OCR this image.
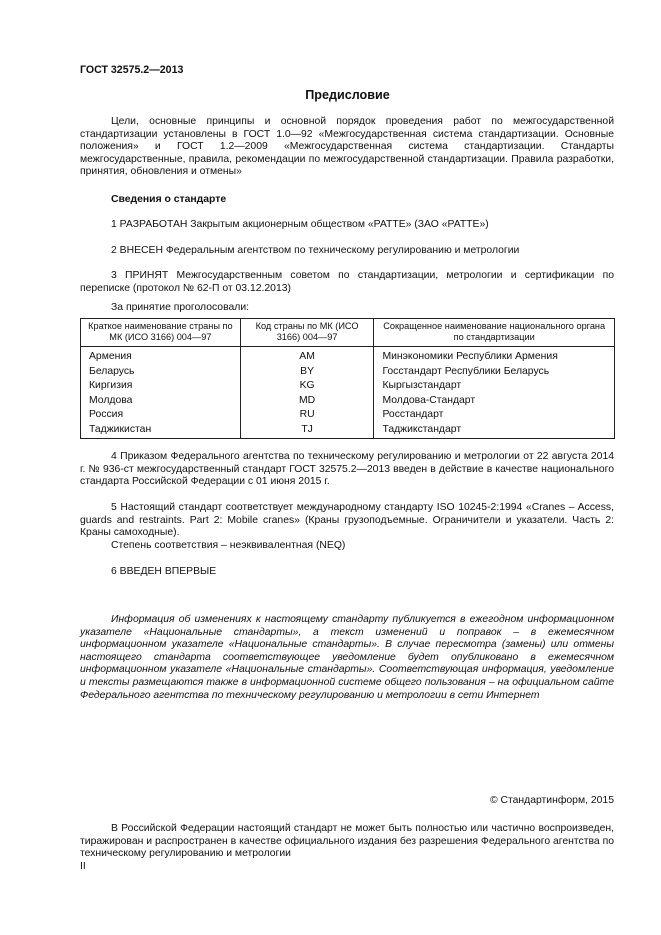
ГОСТ 32575.2—2013
Предисловие
Цели, основные принципы и основной порядок проведения работ по межгосударственной стандартизации установлены в ГОСТ 1.0—92 «Межгосударственная система стандартизации. Основные положения» и ГОСТ 1.2—2009 «Межгосударственная система стандартизации. Стандарты межгосударственные, правила, рекомендации по межгосударственной стандартизации. Правила разработки, принятия, обновления и отмены»
Сведения о стандарте
1 РАЗРАБОТАН Закрытым акционерным обществом «РАТТЕ» (ЗАО «РАТТЕ»)
2 ВНЕСЕН Федеральным агентством по техническому регулированию и метрологии
3 ПРИНЯТ Межгосударственным советом по стандартизации, метрологии и сертификации по переписке (протокол № 62-П от 03.12.2013)
За принятие проголосовали:
Краткое наименование страны по МК (ИСО 3166) 004—97	Код страны по МК (ИСО 3166) 004—97	Сокращенное наименование национального органа по стандартизации
Армения	AM	Минэкономики Республики Армения
Беларусь	BY	Госстандарт Республики Беларусь
Киргизия	KG	Кыргызстандарт
Молдова	MD	Молдова-Стандарт
Россия	RU	Росстандарт
Таджикистан	TJ	Таджикстандарт
4 Приказом Федерального агентства по техническому регулированию и метрологии от 22 августа 2014 г. № 936-ст межгосударственный стандарт ГОСТ 32575.2—2013 введен в действие в качестве национального стандарта Российской Федерации с 01 июня 2015 г.
5 Настоящий стандарт соответствует международному стандарту ISO 10245-2:1994 «Cranes – Access, guards and restraints. Part 2: Mobile cranes» (Краны грузоподъемные. Ограничители и указатели. Часть 2: Краны самоходные).
Степень соответствия – неэквивалентная (NEQ)
6 ВВЕДЕН ВПЕРВЫЕ
Информация об изменениях к настоящему стандарту публикуется в ежегодном информационном указателе «Национальные стандарты», а текст изменений и поправок – в ежемесячном информационном указателе «Национальные стандарты». В случае пересмотра (замены) или отмены настоящего стандарта соответствующее уведомление будет опубликовано в ежемесячном информационном указателе «Национальные стандарты». Соответствующая информация, уведомление и тексты размещаются также в информационной системе общего пользования – на официальном сайте Федерального агентства по техническому регулированию и метрологии в сети Интернет
© Стандартинформ, 2015
В Российской Федерации настоящий стандарт не может быть полностью или частично воспроизведен, тиражирован и распространен в качестве официального издания без разрешения Федерального агентства по техническому регулированию и метрологии
II
